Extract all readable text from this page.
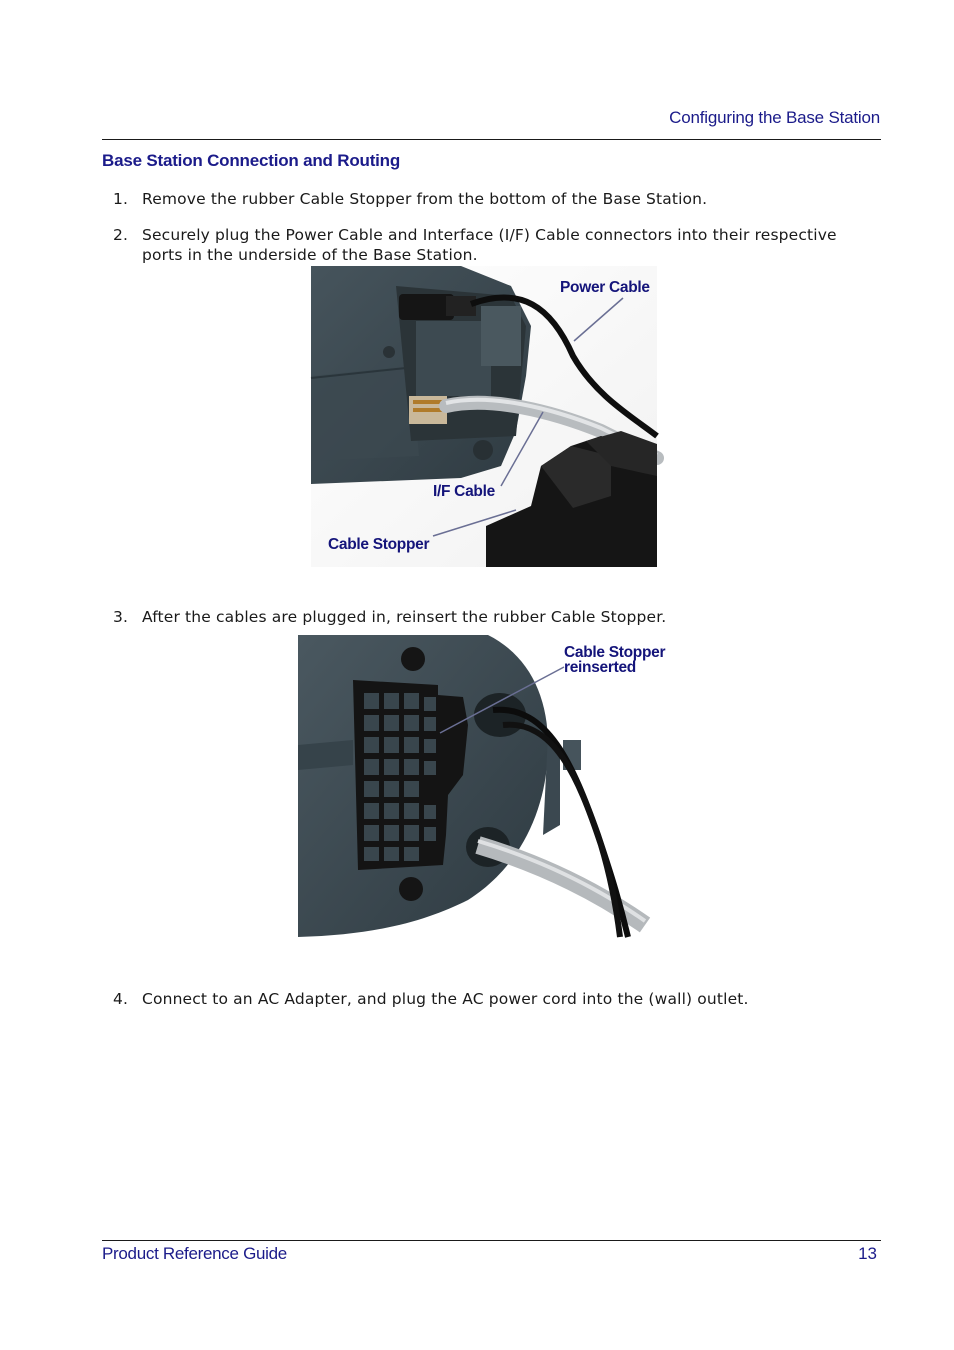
Configuring the Base Station
Base Station Connection and Routing
1. Remove the rubber Cable Stopper from the bottom of the Base Station.
2. Securely plug the Power Cable and Interface (I/F) Cable connectors into their respective ports in the underside of the Base Station.
Power Cable
I/F Cable
Cable Stopper
3. After the cables are plugged in, reinsert the rubber Cable Stopper.
Cable Stopper
reinserted
4. Connect to an AC Adapter, and plug the AC power cord into the (wall) outlet.
Product Reference Guide	13
